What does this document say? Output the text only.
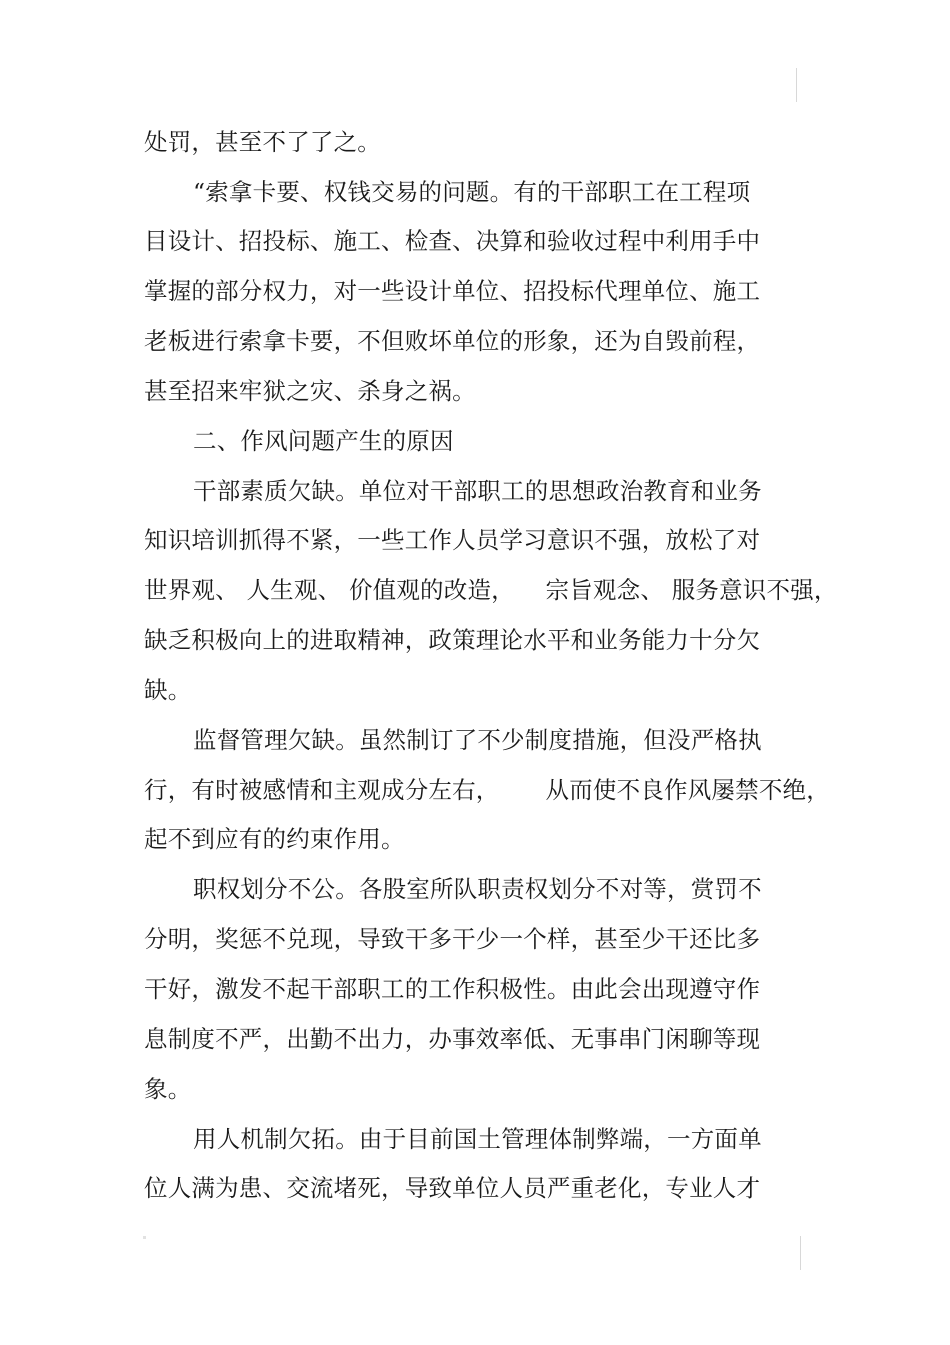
处罚，甚至不了了之。
“索拿卡要、权钱交易的问题。有的干部职工在工程项
目设计、招投标、施工、检查、决算和验收过程中利用手中
掌握的部分权力，对一些设计单位、招投标代理单位、施工
老板进行索拿卡要，不但败坏单位的形象，还为自毁前程，
甚至招来牢狱之灾、杀身之祸。
二、作风问题产生的原因
干部素质欠缺。单位对干部职工的思想政治教育和业务
知识培训抓得不紧，一些工作人员学习意识不强，放松了对
世界观、 人生观、 价值观的改造，    宗旨观念、 服务意识不强，
缺乏积极向上的进取精神，政策理论水平和业务能力十分欠
缺。
监督管理欠缺。虽然制订了不少制度措施，但没严格执
行，有时被感情和主观成分左右，      从而使不良作风屡禁不绝，
起不到应有的约束作用。
职权划分不公。各股室所队职责权划分不对等，赏罚不
分明，奖惩不兑现，导致干多干少一个样，甚至少干还比多
干好，激发不起干部职工的工作积极性。由此会出现遵守作
息制度不严，出勤不出力，办事效率低、无事串门闲聊等现
象。
用人机制欠拓。由于目前国土管理体制弊端，一方面单
位人满为患、交流堵死，导致单位人员严重老化，专业人才
